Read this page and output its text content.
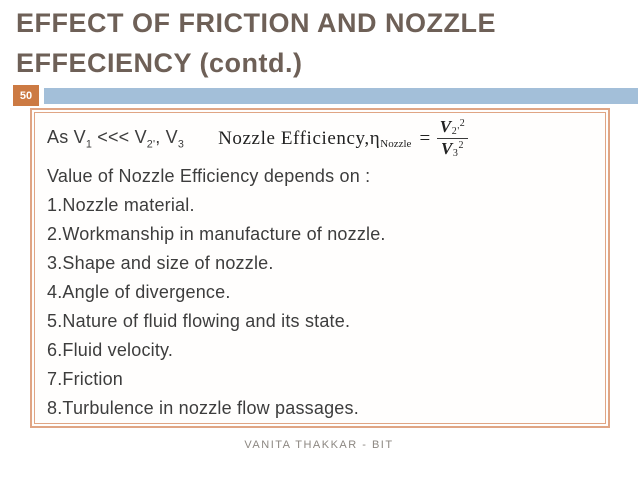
EFFECT OF FRICTION AND NOZZLE
EFFECIENCY (contd.)
50
As $V_1$ <<< $V_{2'}$, $V_3$ Nozzle Efficiency, ηNozzle = $\frac{V_{2'}^2}{V_3^2}$
Value of Nozzle Efficiency depends on :
1.Nozzle material.
2.Workmanship in manufacture of nozzle.
3.Shape and size of nozzle.
4.Angle of divergence.
5.Nature of fluid flowing and its state.
6.Fluid velocity.
7.Friction
8.Turbulence in nozzle flow passages.
VANITA THAKKAR - BIT
